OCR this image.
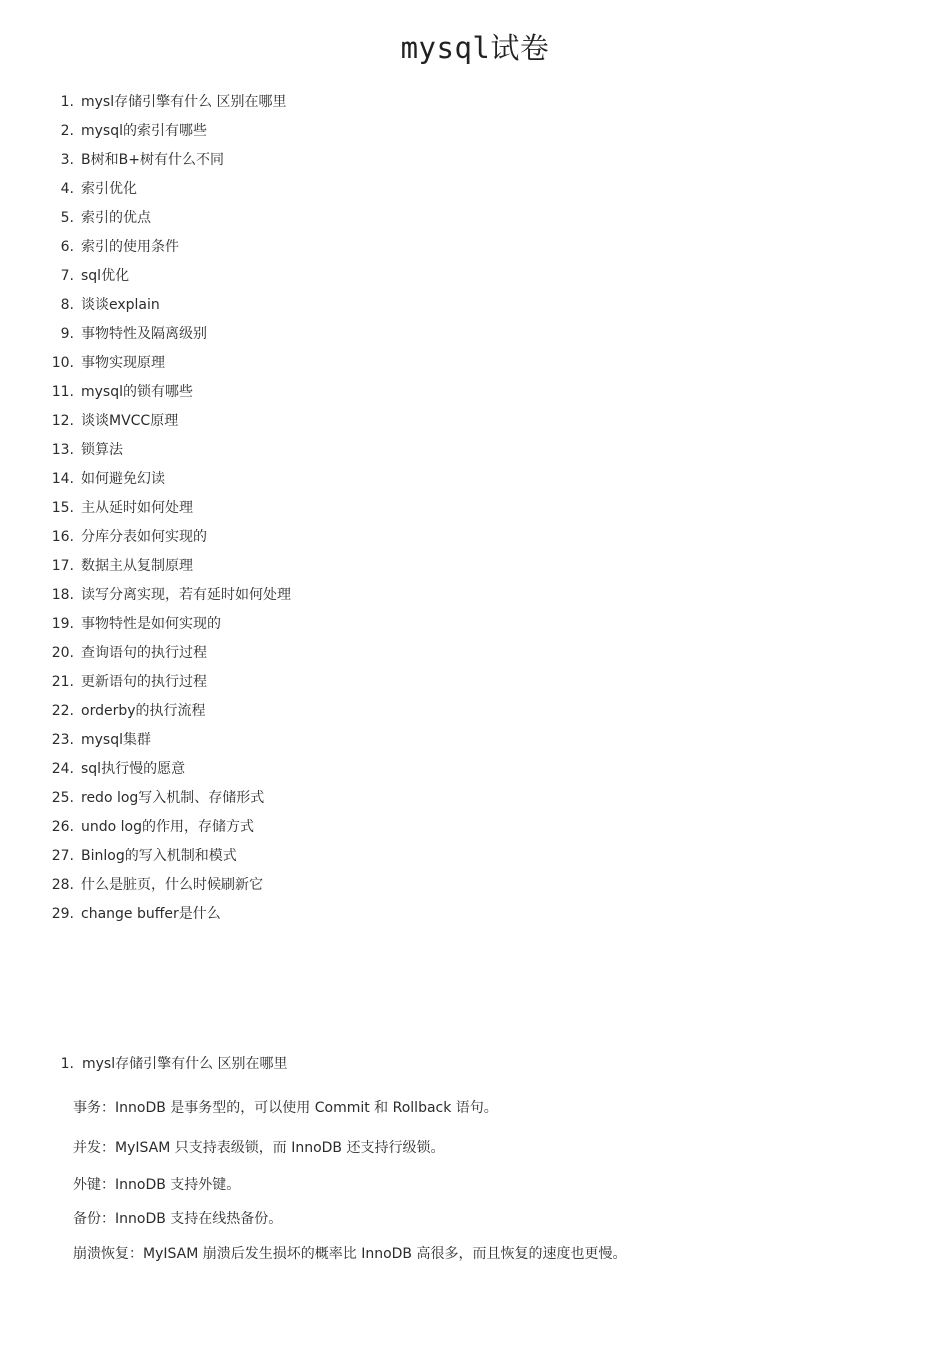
mysql试卷
1. mysl存储引擎有什么 区别在哪里
2. mysql的索引有哪些
3. B树和B+树有什么不同
4. 索引优化
5. 索引的优点
6. 索引的使用条件
7. sql优化
8. 谈谈explain
9. 事物特性及隔离级别
10. 事物实现原理
11. mysql的锁有哪些
12. 谈谈MVCC原理
13. 锁算法
14. 如何避免幻读
15. 主从延时如何处理
16. 分库分表如何实现的
17. 数据主从复制原理
18. 读写分离实现，若有延时如何处理
19. 事物特性是如何实现的
20. 查询语句的执行过程
21. 更新语句的执行过程
22. orderby的执行流程
23. mysql集群
24. sql执行慢的愿意
25. redo log写入机制、存储形式
26. undo log的作用，存储方式
27. Binlog的写入机制和模式
28. 什么是脏页，什么时候刷新它
29. change buffer是什么
1. mysl存储引擎有什么 区别在哪里
事务：InnoDB 是事务型的，可以使用 Commit 和 Rollback 语句。
并发：MyISAM 只支持表级锁，而 InnoDB 还支持行级锁。
外键：InnoDB 支持外键。
备份：InnoDB 支持在线热备份。
崩溃恢复：MyISAM 崩溃后发生损坏的概率比 InnoDB 高很多，而且恢复的速度也更慢。
